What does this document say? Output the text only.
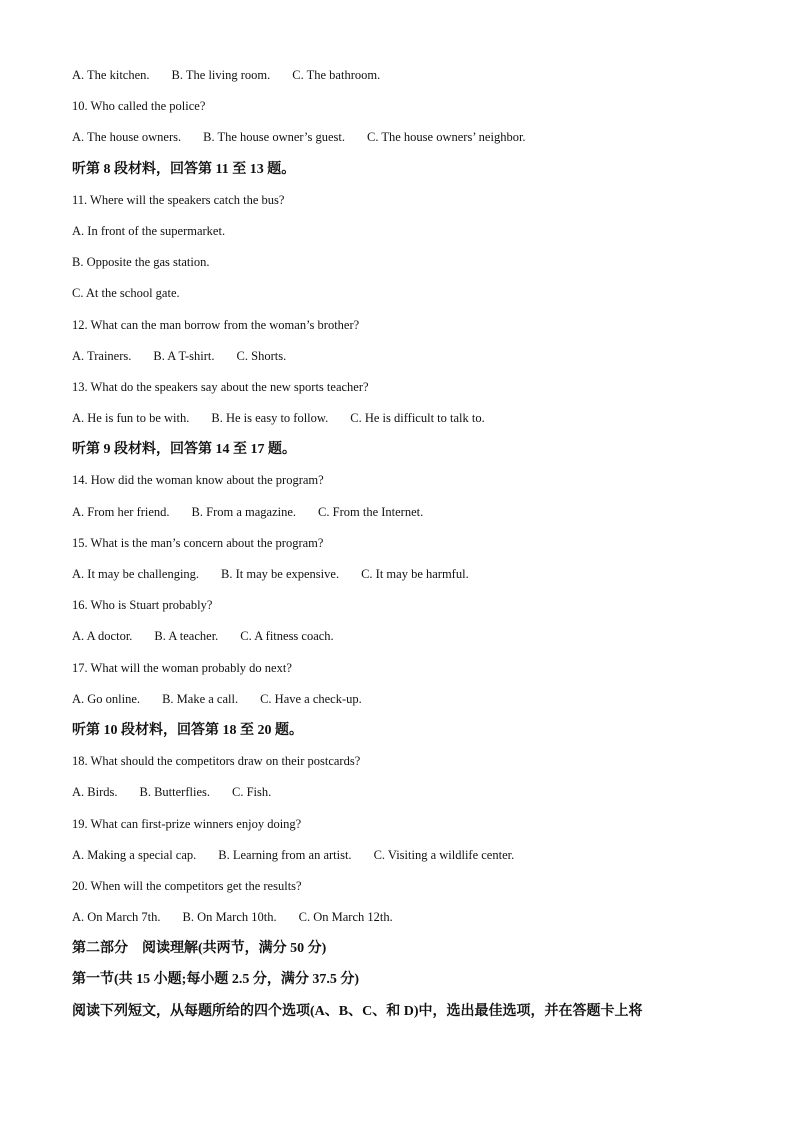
A. The kitchen. B. The living room. C. The bathroom.
10. Who called the police?
A. The house owners. B. The house owner’s guest. C. The house owners’ neighbor.
听第 8 段材料，回答第 11 至 13 题。
11. Where will the speakers catch the bus?
A. In front of the supermarket.
B. Opposite the gas station.
C. At the school gate.
12. What can the man borrow from the woman’s brother?
A. Trainers. B. A T-shirt. C. Shorts.
13. What do the speakers say about the new sports teacher?
A. He is fun to be with. B. He is easy to follow. C. He is difficult to talk to.
听第 9 段材料，回答第 14 至 17 题。
14. How did the woman know about the program?
A. From her friend. B. From a magazine. C. From the Internet.
15. What is the man’s concern about the program?
A. It may be challenging. B. It may be expensive. C. It may be harmful.
16. Who is Stuart probably?
A. A doctor. B. A teacher. C. A fitness coach.
17. What will the woman probably do next?
A. Go online. B. Make a call. C. Have a check-up.
听第 10 段材料，回答第 18 至 20 题。
18. What should the competitors draw on their postcards?
A. Birds. B. Butterflies. C. Fish.
19. What can first-prize winners enjoy doing?
A. Making a special cap. B. Learning from an artist. C. Visiting a wildlife center.
20. When will the competitors get the results?
A. On March 7th. B. On March 10th. C. On March 12th.
第二部分　阅读理解(共两节，满分 50 分)
第一节(共 15 小题;每小题 2.5 分，满分 37.5 分)
阅读下列短文，从每题所给的四个选项(A、B、C、和 D)中，选出最佳选项，并在答题卡上将
